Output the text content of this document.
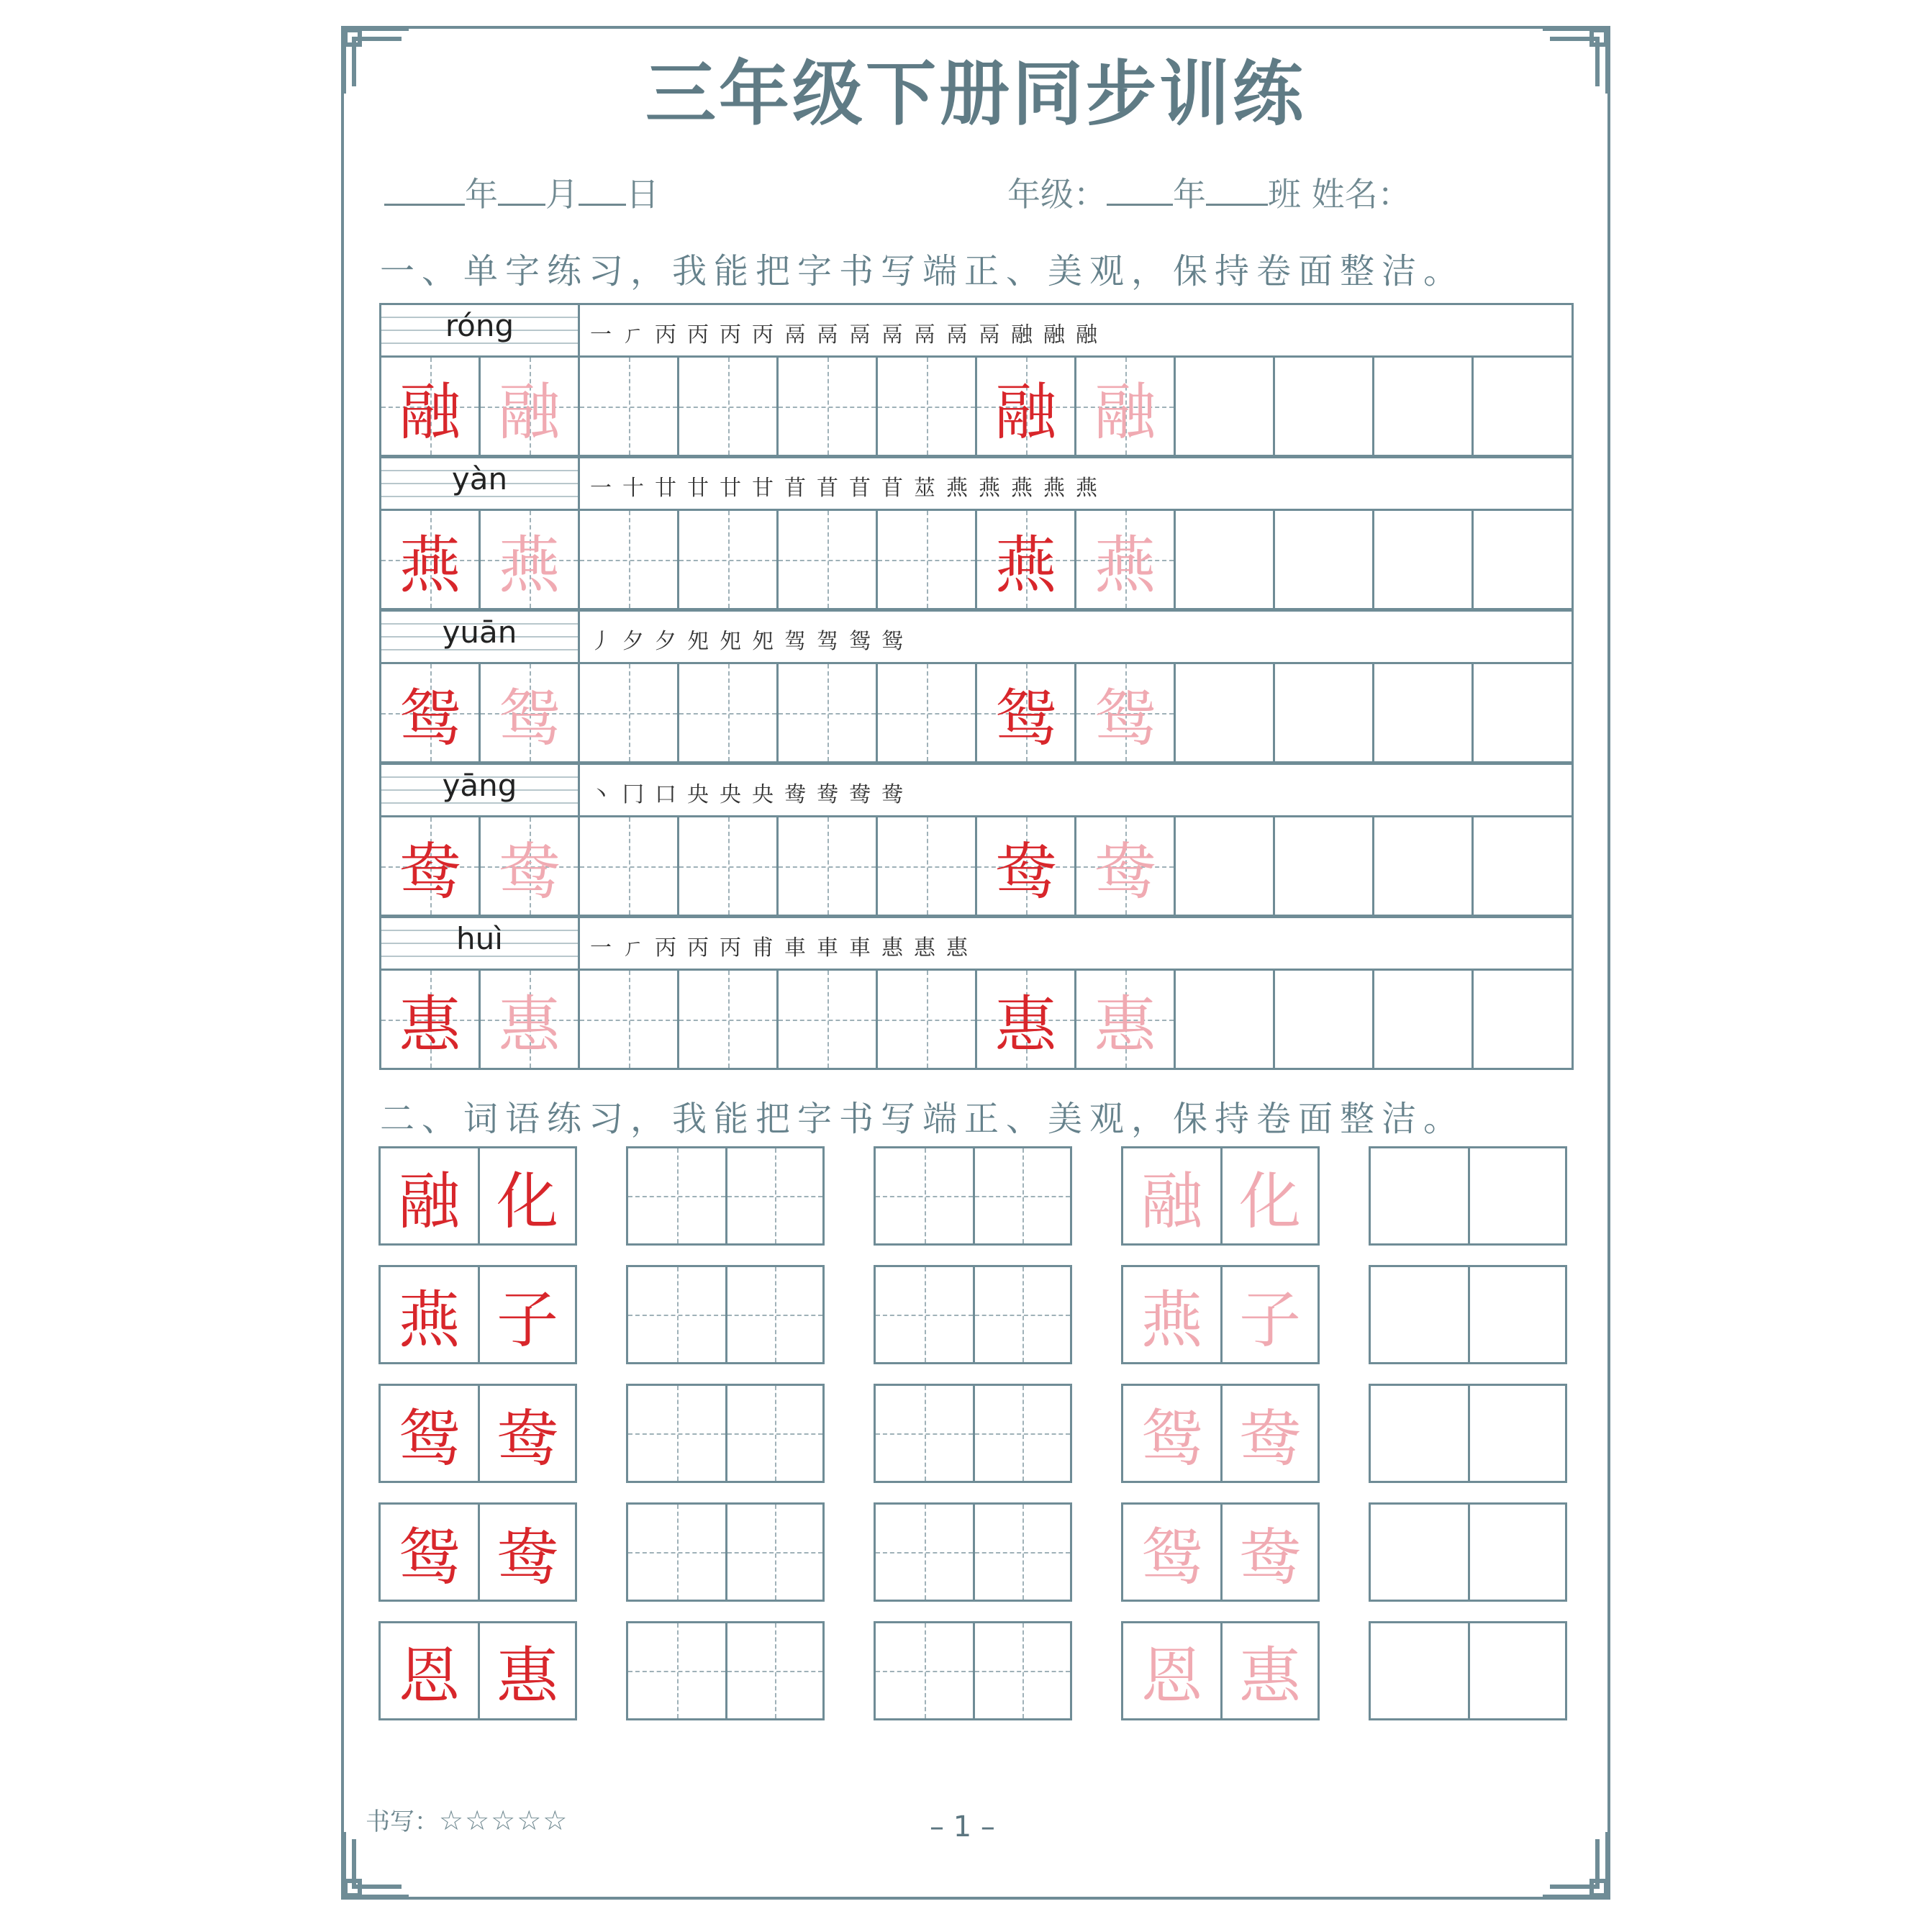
三年级下册同步训练
年 月 日	年级： 年 班 姓名：
一、单字练习，我能把字书写端正、美观，保持卷面整洁。
róng	一 ㄏ 丙 丙 丙 丙 鬲 鬲 鬲 鬲 鬲 鬲 鬲 融 融 融
融 融	融 融
yàn	一 十 廿 廿 廿 甘 苜 苜 苜 苜 莁 燕 燕 燕 燕 燕
燕 燕	燕 燕
yuān	丿 夕 夕 夗 夗 夗 驾 驾 鸳 鸳
鸳 鸳	鸳 鸳
yāng	丶 冂 口 央 央 央 鸯 鸯 鸯 鸯
鸯 鸯	鸯 鸯
huì	一 ㄏ 丙 丙 丙 甫 車 車 車 惠 惠 惠
惠 惠	惠 惠
二、词语练习，我能把字书写端正、美观，保持卷面整洁。
融 化	融 化
燕 子	燕 子
鸳 鸯	鸳 鸯
鸳 鸯	鸳 鸯
恩 惠	恩 惠
书写：☆☆☆☆☆	– 1 –
